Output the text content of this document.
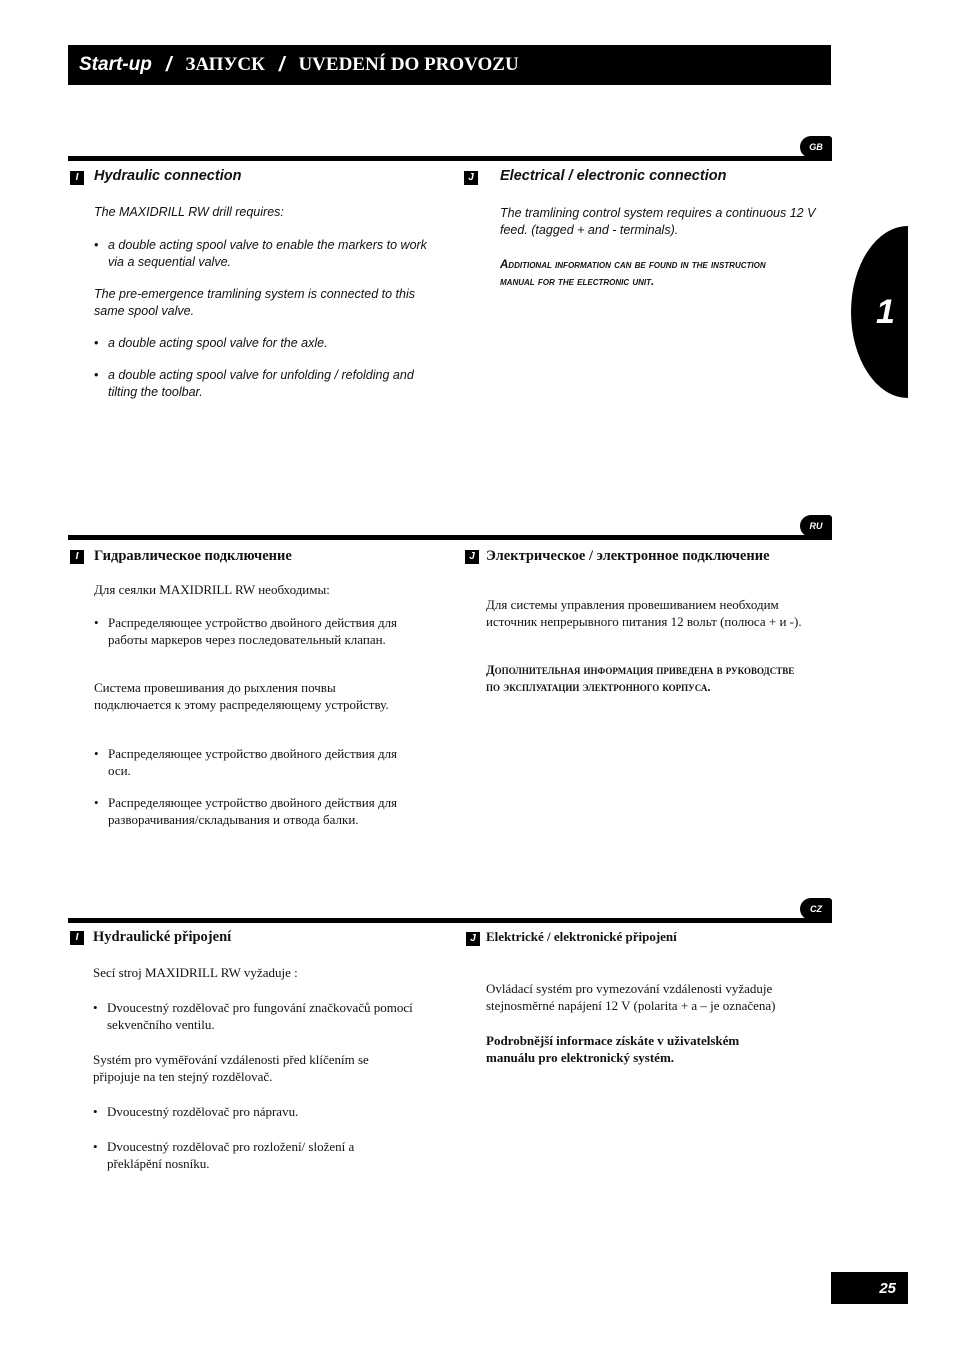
Start-up / ЗАПУСК / UVEDENÍ DO PROVOZU
1
GB
I	Hydraulic connection

The MAXIDRILL RW drill requires:

• a double acting spool valve to enable the markers to work via a sequential valve.

The pre-emergence tramlining system is connected to this same spool valve.

• a double acting spool valve for the axle.
• a double acting spool valve for unfolding / refolding and tilting the toolbar.
J Electrical / electronic connection

The tramlining control system requires a continuous 12 V feed. (tagged + and - terminals).

Additional information can be found in the instruction manual for the electronic unit.

RU
I	Гидравлическое подключение

Для сеялки MAXIDRILL RW необходимы:

• Распределяющее устройство двойного действия для работы маркеров через последовательный клапан.

Система провешивания до рыхления почвы подключается к этому распределяющему устройству.

• Распределяющее устройство двойного действия для оси.
• Распределяющее устройство двойного действия для разворачивания/складывания и отвода балки.
J Электрическое / электронное подключение

Для системы управления провешиванием необходим источник непрерывного питания 12 вольт (полюса + и -).

Дополнительная информация приведена в руководстве по эксплуатации электронного корпуса.

CZ
I	Hydraulické připojení

Secí stroj MAXIDRILL RW vyžaduje :

• Dvoucestný rozdělovač pro fungování značkovačů pomocí sekvenčního ventilu.

Systém pro vyměřování vzdálenosti před klíčením se připojuje na ten stejný rozdělovač.

• Dvoucestný rozdělovač pro nápravu.
• Dvoucestný rozdělovač pro rozložení/ složení a překlápění nosníku.
J Elektrické / elektronické připojení

Ovládací systém pro vymezování vzdálenosti vyžaduje stejnosměrné napájení 12 V (polarita + a – je označena)

Podrobnější informace získáte v uživatelském manuálu pro elektronický systém.

25
